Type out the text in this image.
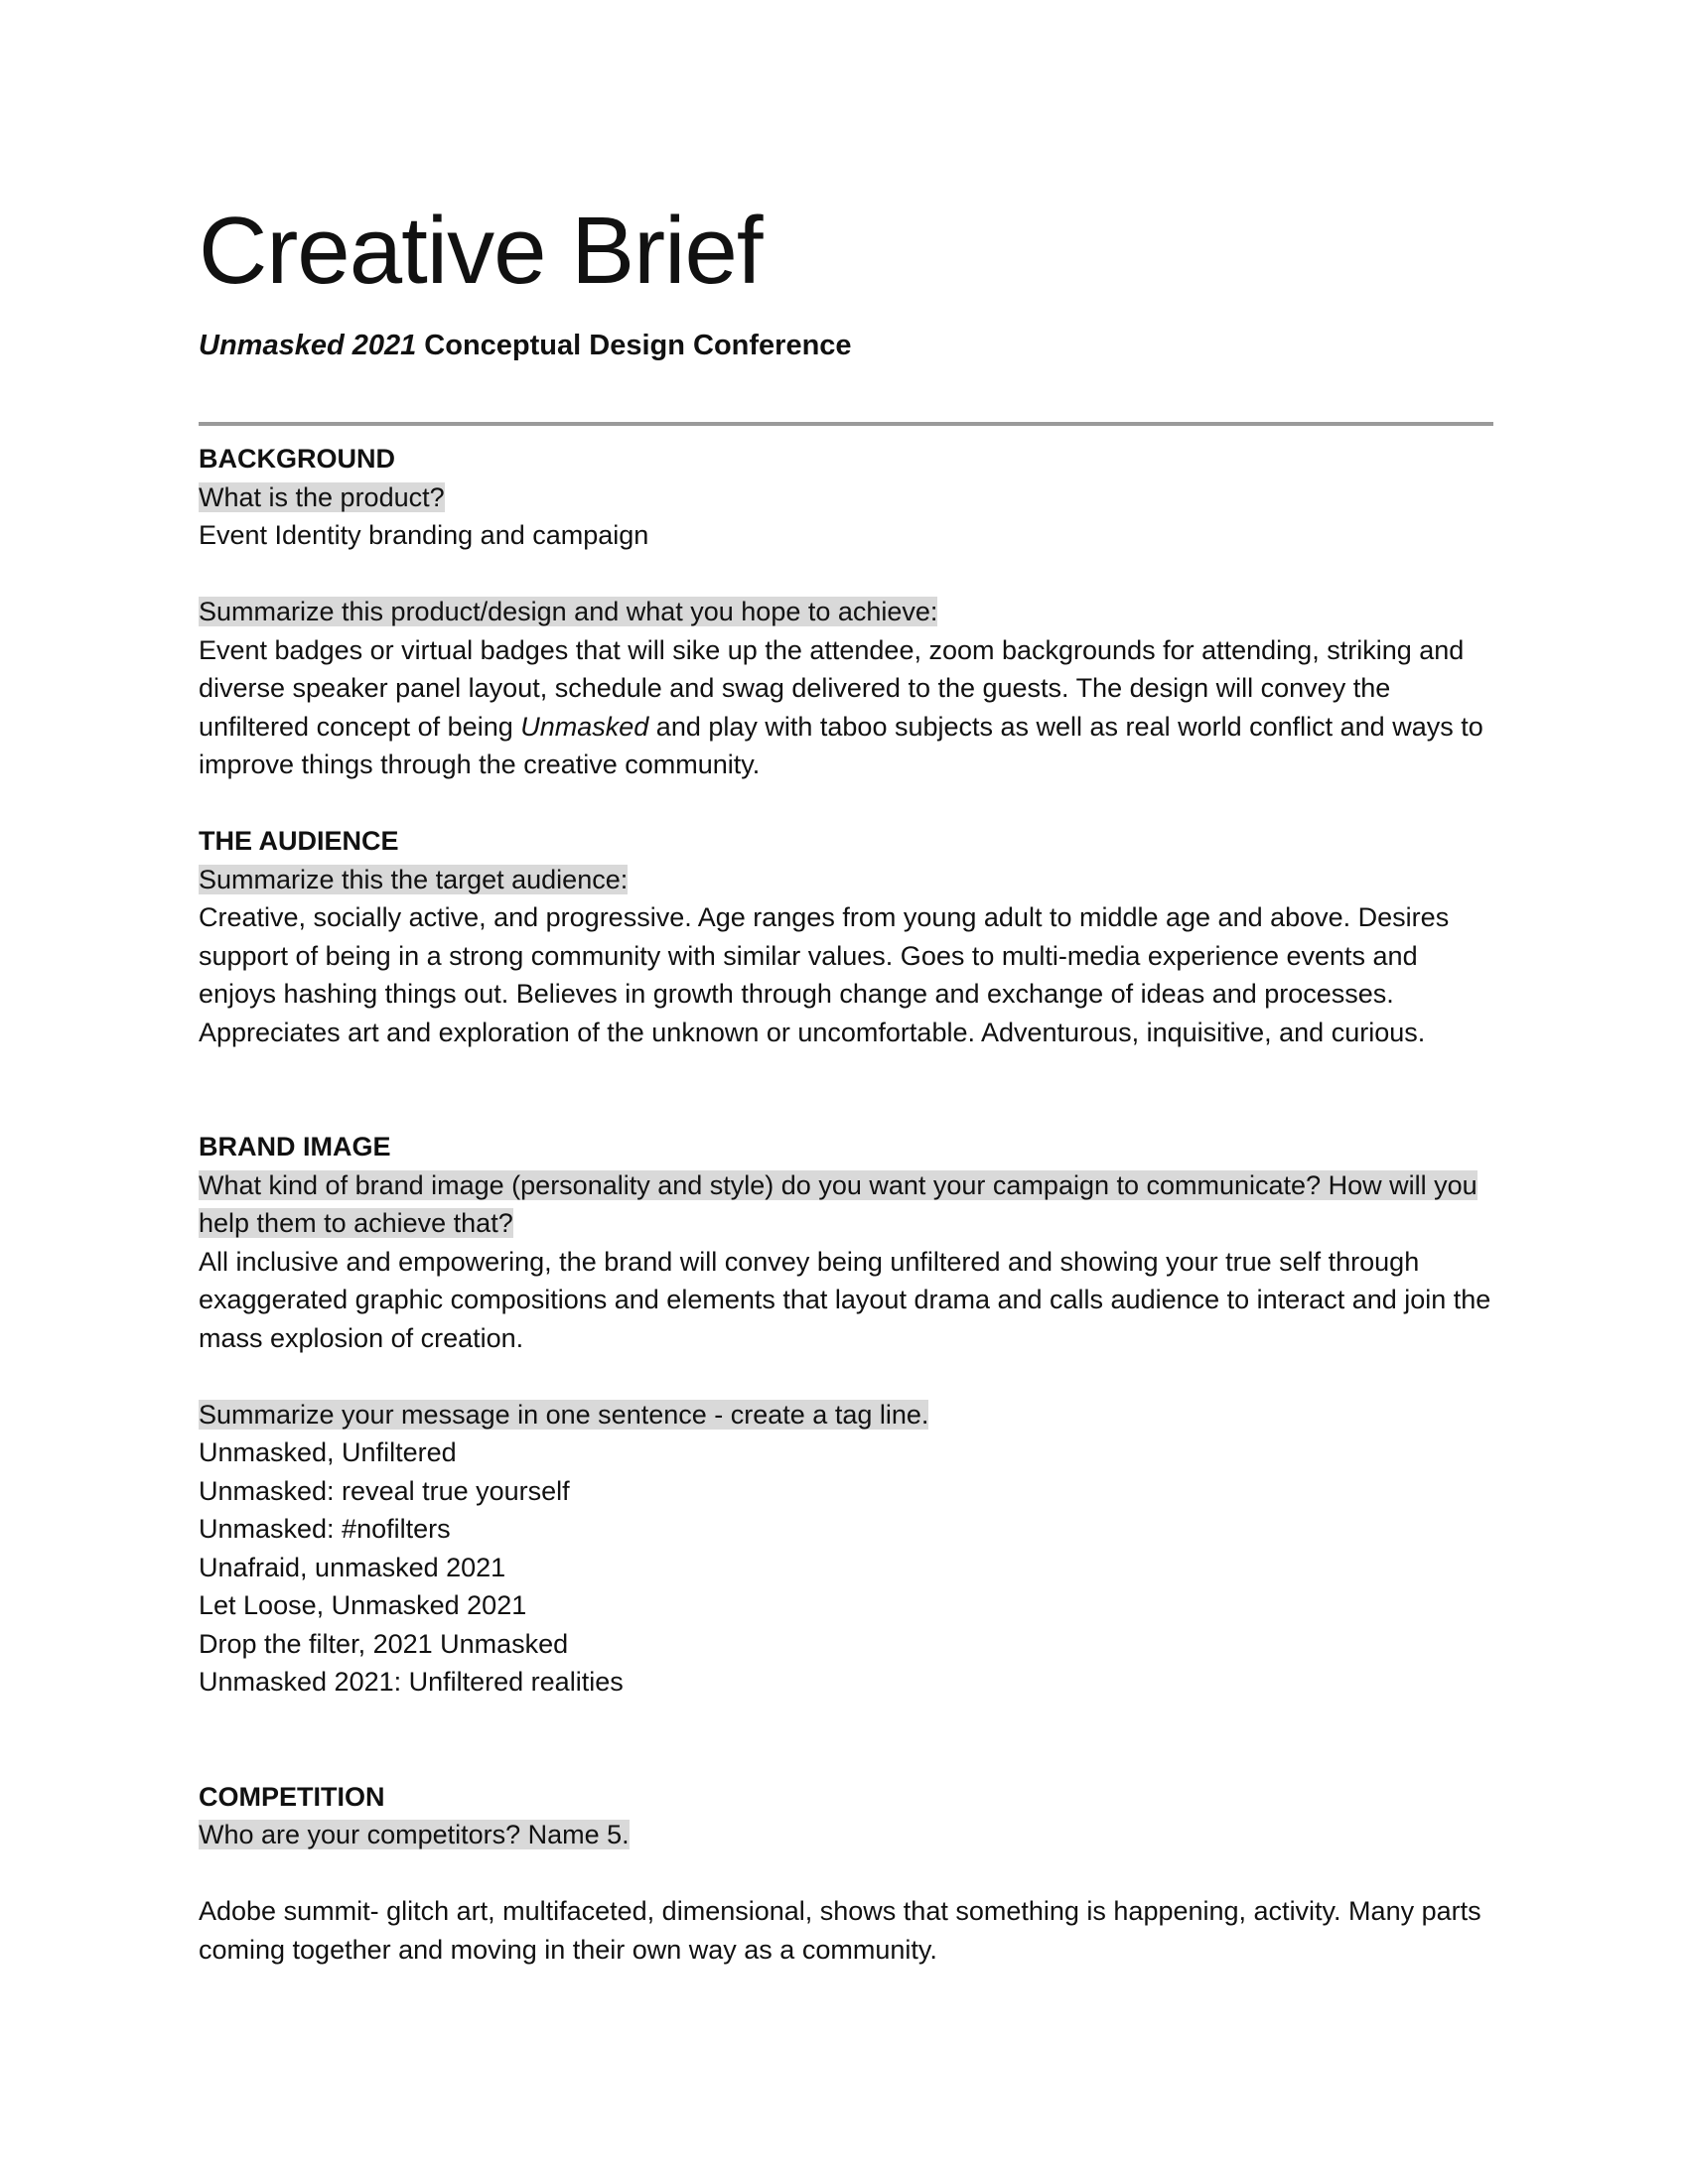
Creative Brief

Unmasked 2021 Conceptual Design Conference

BACKGROUND

What is the product?

Event Identity branding and campaign

Summarize this product/design and what you hope to achieve:

Event badges or virtual badges that will sike up the attendee, zoom backgrounds for attending, striking and diverse speaker panel layout, schedule and swag delivered to the guests. The design will convey the unfiltered concept of being Unmasked and play with taboo subjects as well as real world conflict and ways to improve things through the creative community.

THE AUDIENCE

Summarize this the target audience:

Creative, socially active, and progressive. Age ranges from young adult to middle age and above. Desires support of being in a strong community with similar values. Goes to multi-media experience events and enjoys hashing things out. Believes in growth through change and exchange of ideas and processes. Appreciates art and exploration of the unknown or uncomfortable. Adventurous, inquisitive, and curious.

BRAND IMAGE

What kind of brand image (personality and style) do you want your campaign to communicate? How will you help them to achieve that?

All inclusive and empowering, the brand will convey being unfiltered and showing your true self through exaggerated graphic compositions and elements that layout drama and calls audience to interact and join the mass explosion of creation.

Summarize your message in one sentence - create a tag line.

Unmasked, Unfiltered

Unmasked: reveal true yourself

Unmasked: #nofilters

Unafraid, unmasked 2021

Let Loose, Unmasked 2021

Drop the filter, 2021 Unmasked

Unmasked 2021: Unfiltered realities

COMPETITION

Who are your competitors? Name 5.

Adobe summit- glitch art, multifaceted, dimensional, shows that something is happening, activity. Many parts coming together and moving in their own way as a community.
